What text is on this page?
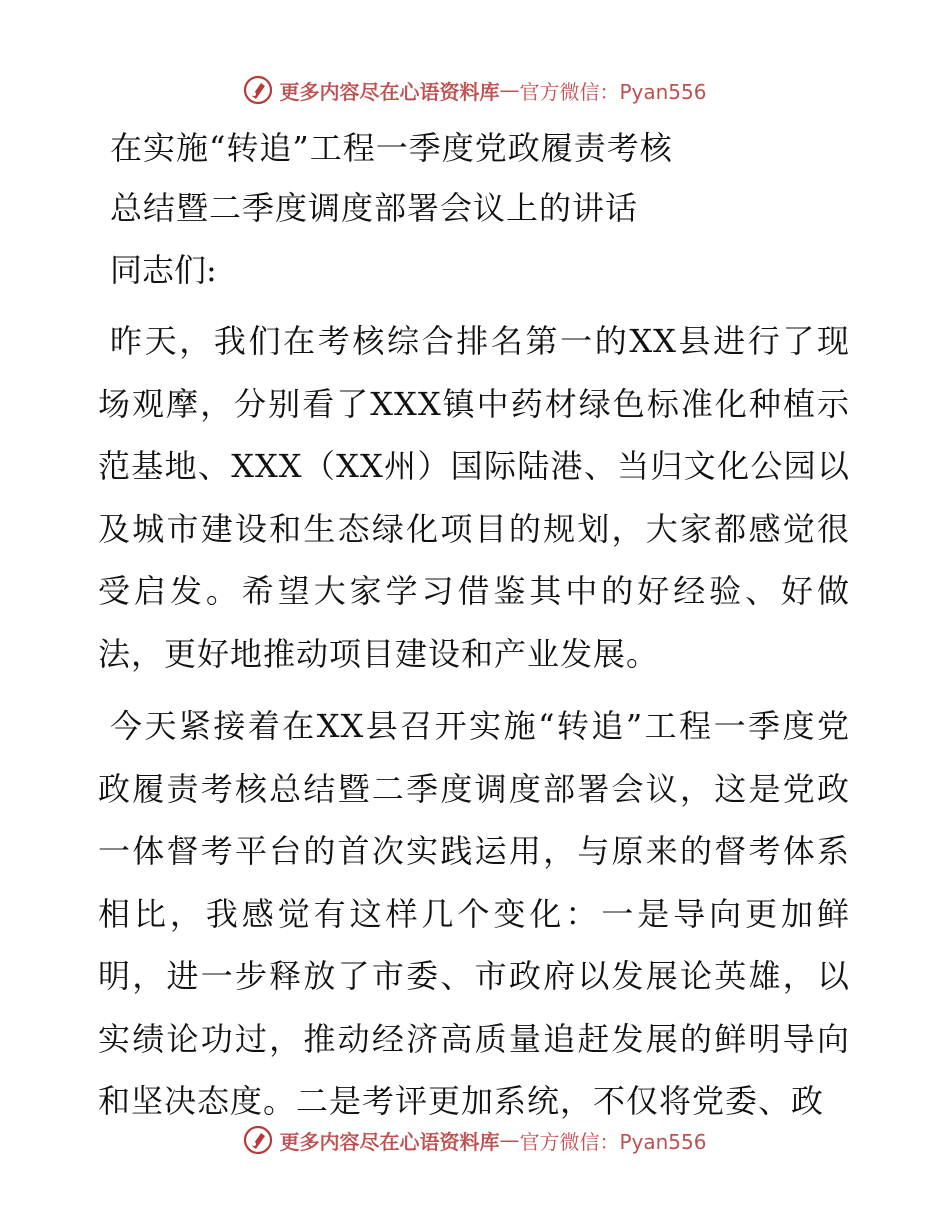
更多内容尽在心语资料库 — 官方微信：Pyan556
在实施“转追”工程一季度党政履责考核
总结暨二季度调度部署会议上的讲话
同志们:

昨天，我们在考核综合排名第一的XX县进行了现场观摩，分别看了XXX镇中药材绿色标准化种植示范基地、XXX（XX州）国际陆港、当归文化公园以及城市建设和生态绿化项目的规划，大家都感觉很受启发。希望大家学习借鉴其中的好经验、好做法，更好地推动项目建设和产业发展。

今天紧接着在XX县召开实施“转追”工程一季度党政履责考核总结暨二季度调度部署会议，这是党政一体督考平台的首次实践运用，与原来的督考体系相比，我感觉有这样几个变化：一是导向更加鲜明，进一步释放了市委、市政府以发展论英雄，以实绩论功过，推动经济高质量追赶发展的鲜明导向和坚决态度。二是考评更加系统，不仅将党委、政

更多内容尽在心语资料库 — 官方微信：Pyan556
